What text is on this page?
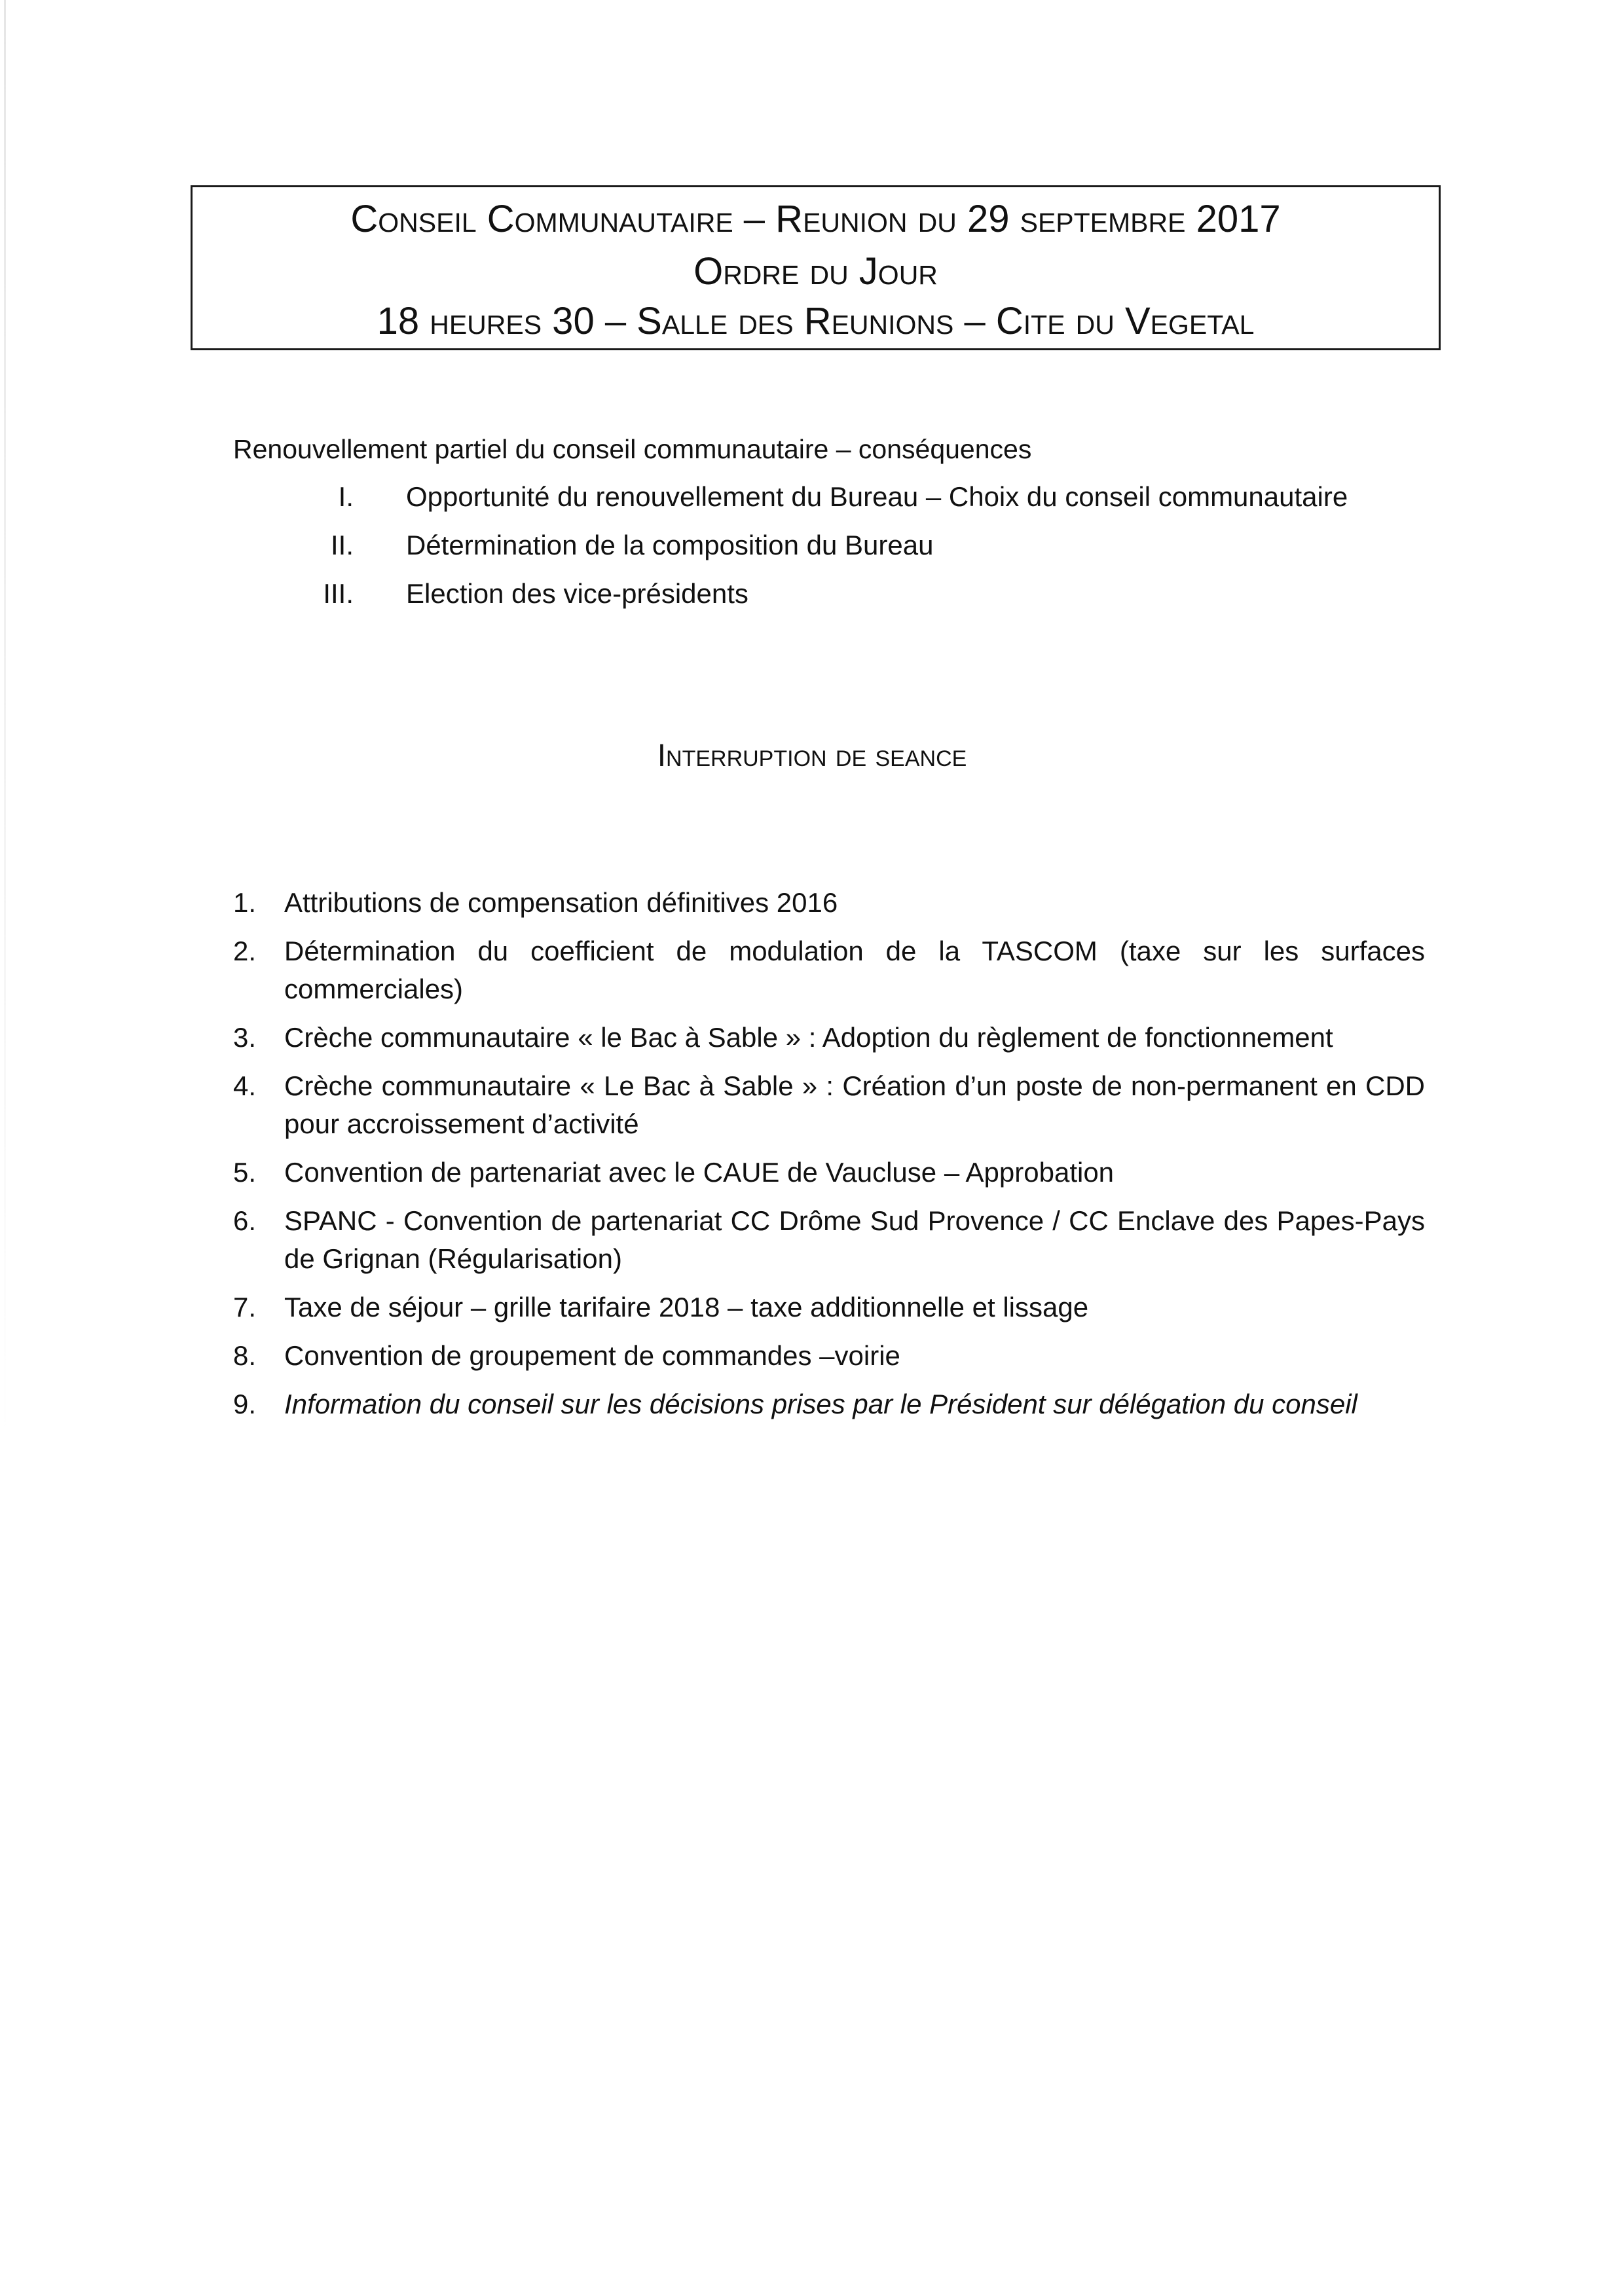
Conseil Communautaire – Reunion du 29 septembre 2017
Ordre du Jour
18 heures 30 – Salle des Reunions – Cite du Vegetal
Renouvellement partiel du conseil communautaire – conséquences
I. Opportunité du renouvellement du Bureau – Choix du conseil communautaire
II. Détermination de la composition du Bureau
III. Election des vice-présidents
Interruption de seance
1.	Attributions de compensation définitives 2016
2.	Détermination du coefficient de modulation de la TASCOM (taxe sur les surfaces commerciales)
3.	Crèche communautaire « le Bac à Sable » : Adoption du règlement de fonctionnement
4.	Crèche communautaire « Le Bac à Sable » : Création d’un poste de non-permanent en CDD pour accroissement d’activité
5.	Convention de partenariat avec le CAUE de Vaucluse – Approbation
6.	SPANC - Convention de partenariat CC Drôme Sud Provence / CC Enclave des Papes-Pays de Grignan (Régularisation)
7.	Taxe de séjour – grille tarifaire 2018 – taxe additionnelle et lissage
8.	Convention de groupement de commandes –voirie
9.	Information du conseil sur les décisions prises par le Président sur délégation du conseil
